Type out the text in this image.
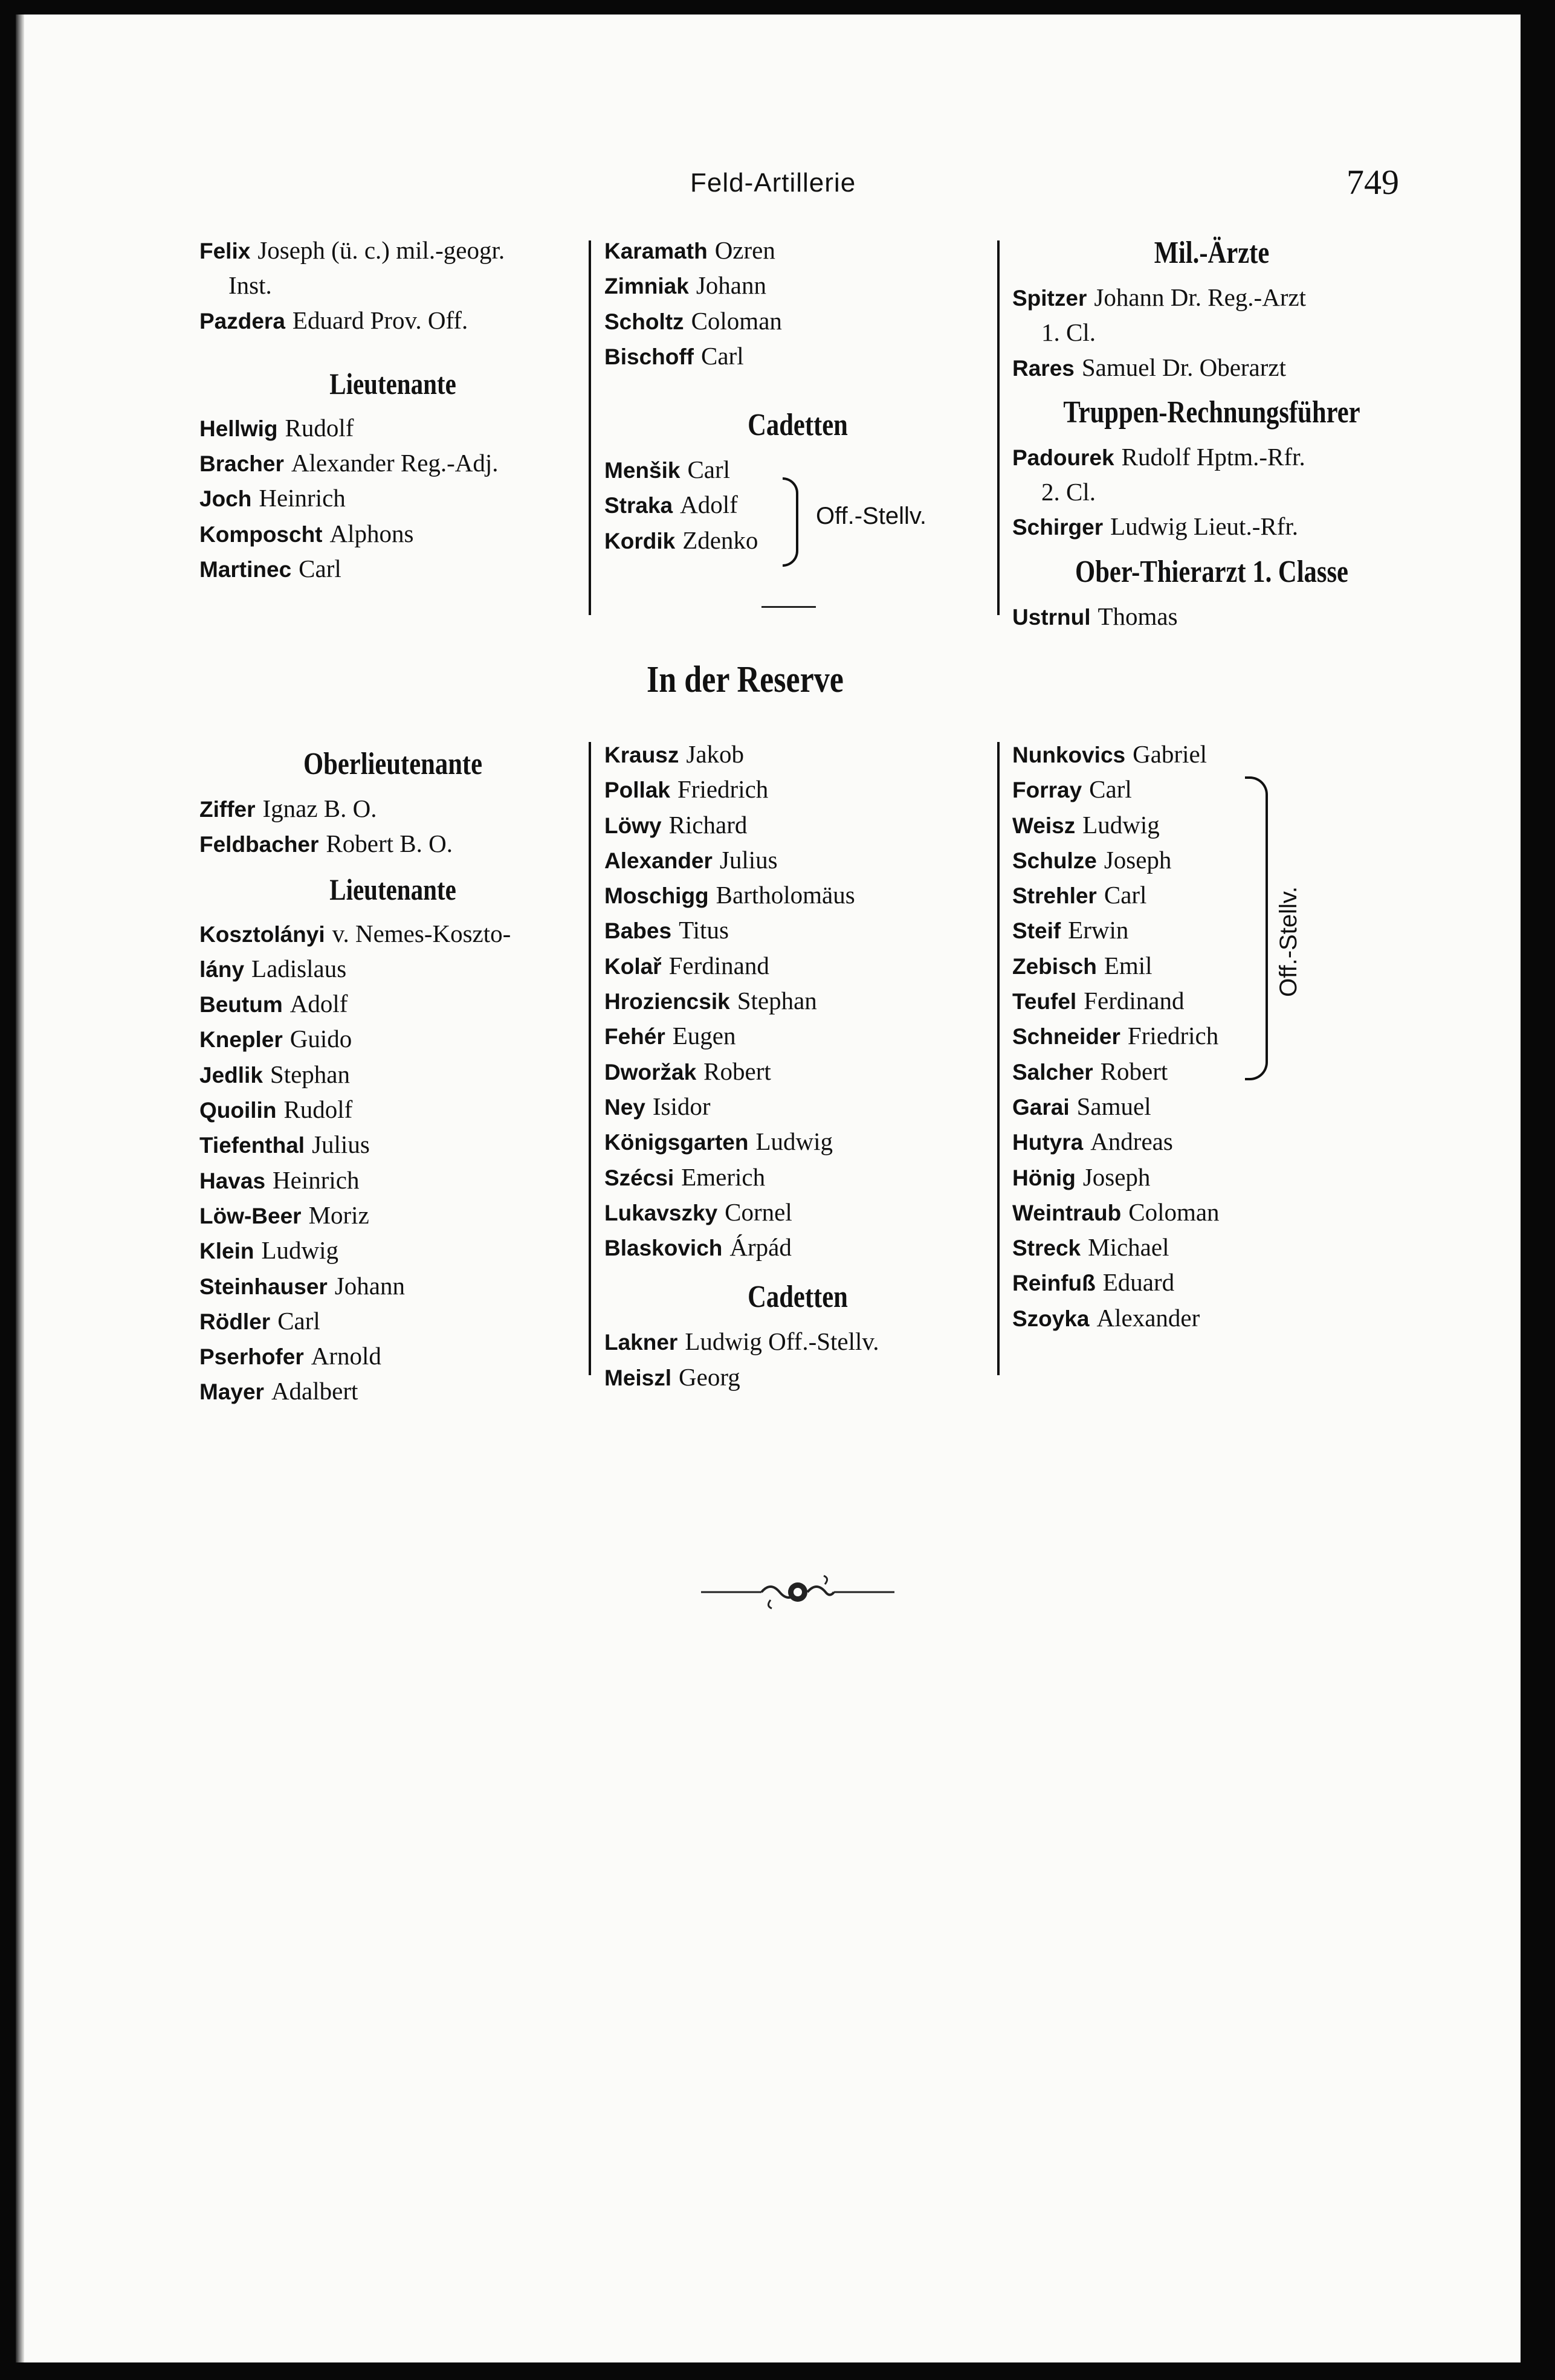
Feld-Artillerie	749
Felix Joseph (ü. c.) mil.-geogr.
Inst.
Pazdera Eduard Prov. Off.
Lieutenante
Hellwig Rudolf
Bracher Alexander Reg.-Adj.
Joch Heinrich
Komposcht Alphons
Martinec Carl
Karamath Ozren
Zimniak Johann
Scholtz Coloman
Bischoff Carl
Cadetten
Menšik Carl
Straka Adolf
Kordik Zdenko
Off.-Stellv.
Mil.-Ärzte
Spitzer Johann Dr. Reg.-Arzt
1. Cl.
Rares Samuel Dr. Oberarzt
Truppen-Rechnungsführer
Padourek Rudolf Hptm.-Rfr.
2. Cl.
Schirger Ludwig Lieut.-Rfr.
Ober-Thierarzt 1. Classe
Ustrnul Thomas
In der Reserve
Oberlieutenante
Ziffer Ignaz B. O.
Feldbacher Robert B. O.
Lieutenante
Kosztolányi v. Nemes-Koszto-
lány Ladislaus
Beutum Adolf
Knepler Guido
Jedlik Stephan
Quoilin Rudolf
Tiefenthal Julius
Havas Heinrich
Löw-Beer Moriz
Klein Ludwig
Steinhauser Johann
Rödler Carl
Pserhofer Arnold
Mayer Adalbert
Krausz Jakob
Pollak Friedrich
Löwy Richard
Alexander Julius
Moschigg Bartholomäus
Babes Titus
Kolař Ferdinand
Hroziencsik Stephan
Fehér Eugen
Dworžak Robert
Ney Isidor
Königsgarten Ludwig
Szécsi Emerich
Lukavszky Cornel
Blaskovich Árpád
Cadetten
Lakner Ludwig Off.-Stellv.
Meiszl Georg
Nunkovics Gabriel
Forray Carl
Weisz Ludwig
Schulze Joseph
Strehler Carl
Steif Erwin
Zebisch Emil
Teufel Ferdinand
Schneider Friedrich
Salcher Robert
Garai Samuel
Hutyra Andreas
Hönig Joseph
Weintraub Coloman
Streck Michael
Reinfuß Eduard
Szoyka Alexander
Off.-Stellv.
